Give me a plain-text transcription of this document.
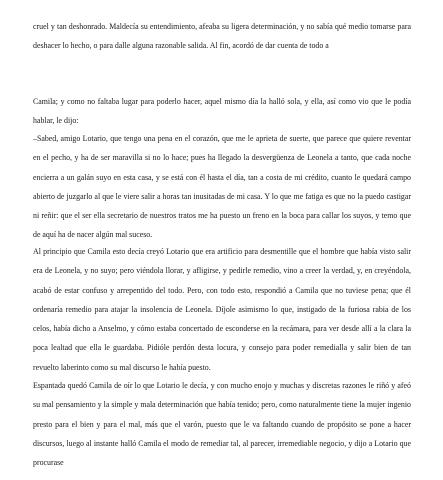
cruel y tan deshonrado. Maldecía su entendimiento, afeaba su ligera determinación, y no sabía qué medio tomarse para deshacer lo hecho, o para dalle alguna razonable salida. Al fin, acordó de dar cuenta de todo a

Camila; y como no faltaba lugar para poderlo hacer, aquel mismo día la halló sola, y ella, así como vio que le podía hablar, le dijo:

–Sabed, amigo Lotario, que tengo una pena en el corazón, que me le aprieta de suerte, que parece que quiere reventar en el pecho, y ha de ser maravilla si no lo hace; pues ha llegado la desvergüenza de Leonela a tanto, que cada noche encierra a un galán suyo en esta casa, y se está con él hasta el día, tan a costa de mi crédito, cuanto le quedará campo abierto de juzgarlo al que le viere salir a horas tan inusitadas de mi casa. Y lo que me fatiga es que no la puedo castigar ni reñir: que el ser ella secretario de nuestros tratos me ha puesto un freno en la boca para callar los suyos, y temo que de aquí ha de nacer algún mal suceso.

Al principio que Camila esto decía creyó Lotario que era artificio para desmentille que el hombre que había visto salir era de Leonela, y no suyo; pero viéndola llorar, y afligirse, y pedirle remedio, vino a creer la verdad, y, en creyéndola, acabó de estar confuso y arrepentido del todo. Pero, con todo esto, respondió a Camila que no tuviese pena; que él ordenaría remedio para atajar la insolencia de Leonela. Díjole asimismo lo que, instigado de la furiosa rabia de los celos, había dicho a Anselmo, y cómo estaba concertado de esconderse en la recámara, para ver desde allí a la clara la poca lealtad que ella le guardaba. Pidióle perdón desta locura, y consejo para poder remedialla y salir bien de tan revuelto laberinto como su mal discurso le había puesto.

Espantada quedó Camila de oír lo que Lotario le decía, y con mucho enojo y muchas y discretas razones le riñó y afeó su mal pensamiento y la simple y mala determinación que había tenido; pero, como naturalmente tiene la mujer ingenio presto para el bien y para el mal, más que el varón, puesto que le va faltando cuando de propósito se pone a hacer discursos, luego al instante halló Camila el modo de remediar tal, al parecer, irremediable negocio, y dijo a Lotario que procurase
